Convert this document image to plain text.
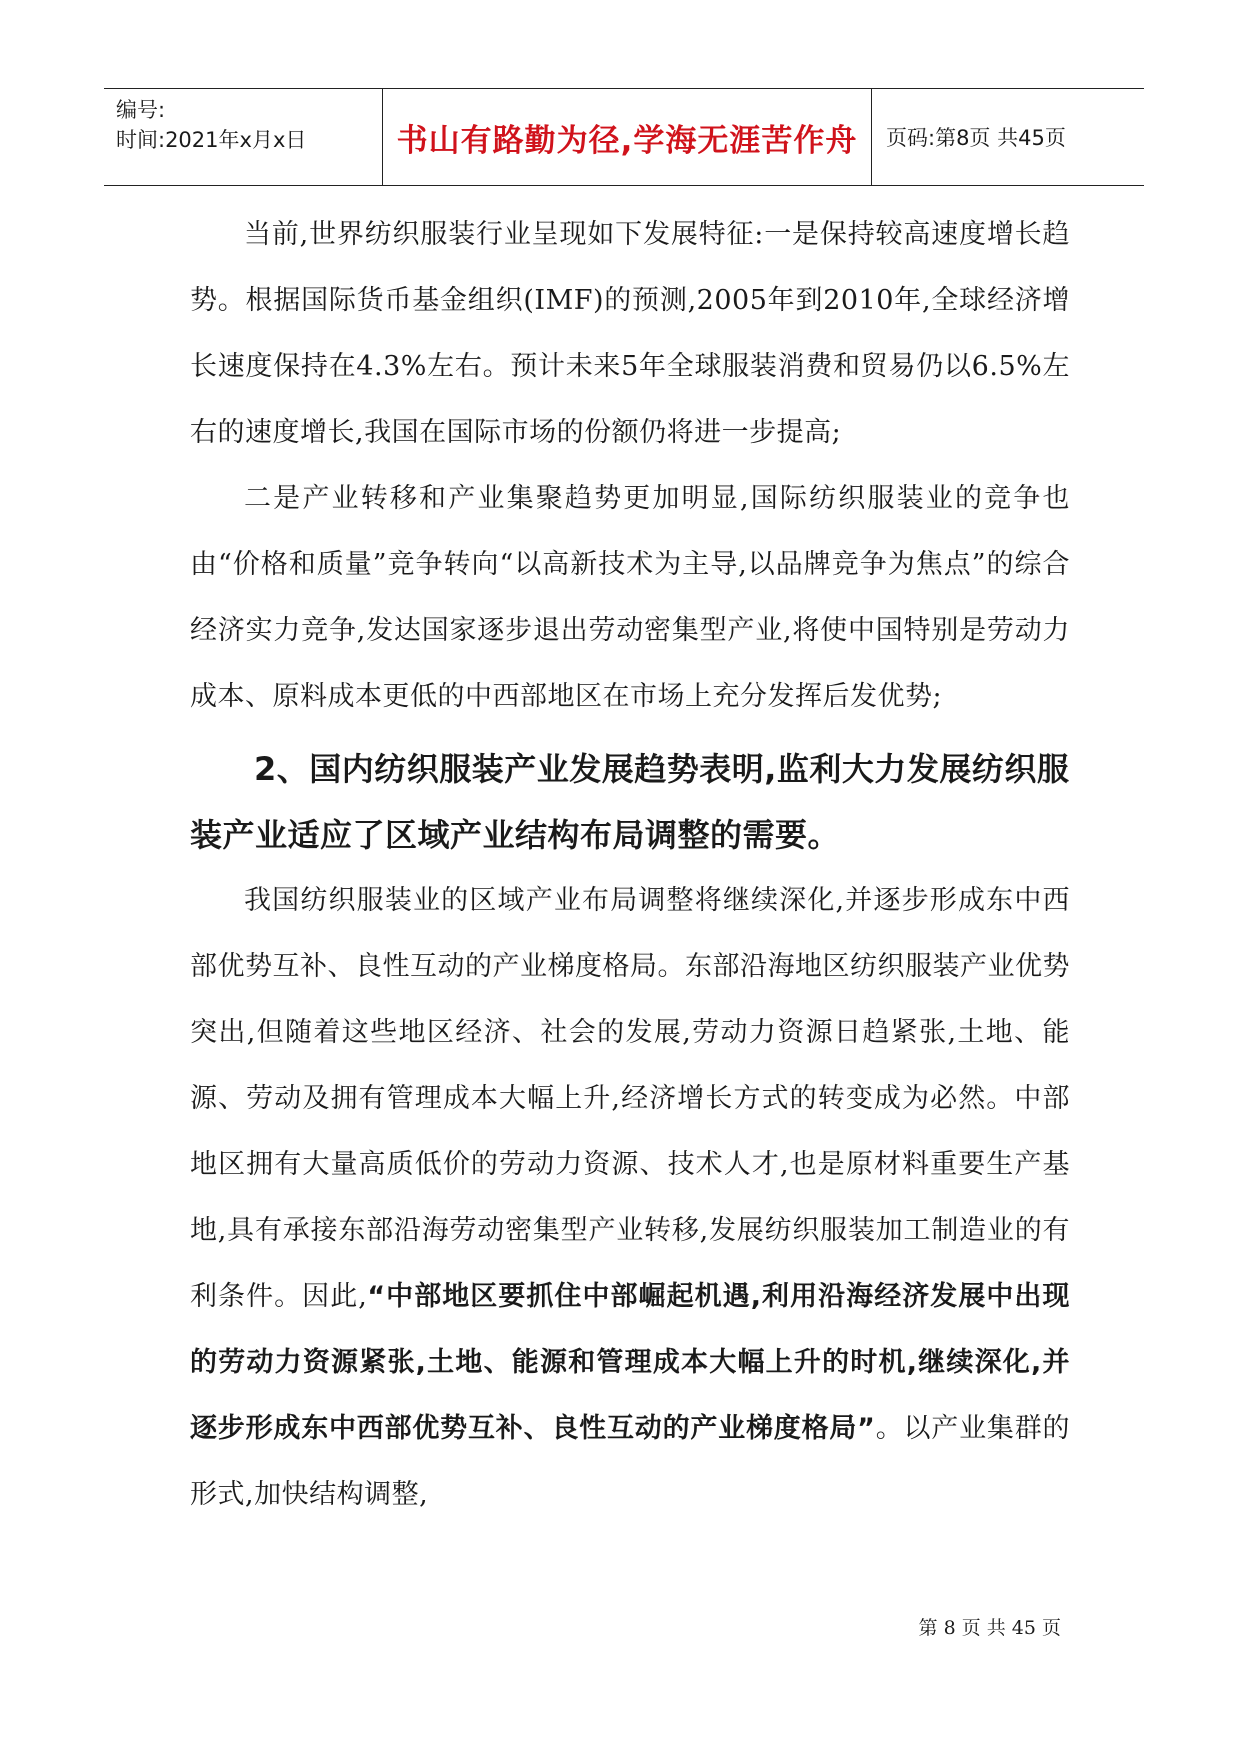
编号:
时间:2021年x月x日	书山有路勤为径,学海无涯苦作舟 页码:第8页 共45页

当前,世界纺织服装行业呈现如下发展特征:一是保持较高速度增长趋势。根据国际货币基金组织(IMF)的预测,2005年到2010年,全球经济增长速度保持在4.3%左右。预计未来5年全球服装消费和贸易仍以6.5%左右的速度增长,我国在国际市场的份额仍将进一步提高;

二是产业转移和产业集聚趋势更加明显,国际纺织服装业的竞争也由“价格和质量”竞争转向“以高新技术为主导,以品牌竞争为焦点”的综合经济实力竞争,发达国家逐步退出劳动密集型产业,将使中国特别是劳动力成本、原料成本更低的中西部地区在市场上充分发挥后发优势;

2、国内纺织服装产业发展趋势表明,监利大力发展纺织服装产业适应了区域产业结构布局调整的需要。

我国纺织服装业的区域产业布局调整将继续深化,并逐步形成东中西部优势互补、良性互动的产业梯度格局。东部沿海地区纺织服装产业优势突出,但随着这些地区经济、社会的发展,劳动力资源日趋紧张,土地、能源、劳动及拥有管理成本大幅上升,经济增长方式的转变成为必然。中部地区拥有大量高质低价的劳动力资源、技术人才,也是原材料重要生产基地,具有承接东部沿海劳动密集型产业转移,发展纺织服装加工制造业的有利条件。因此,“中部地区要抓住中部崛起机遇,利用沿海经济发展中出现的劳动力资源紧张,土地、能源和管理成本大幅上升的时机,继续深化,并逐步形成东中西部优势互补、良性互动的产业梯度格局”。以产业集群的形式,加快结构调整,

第 8 页 共 45 页
